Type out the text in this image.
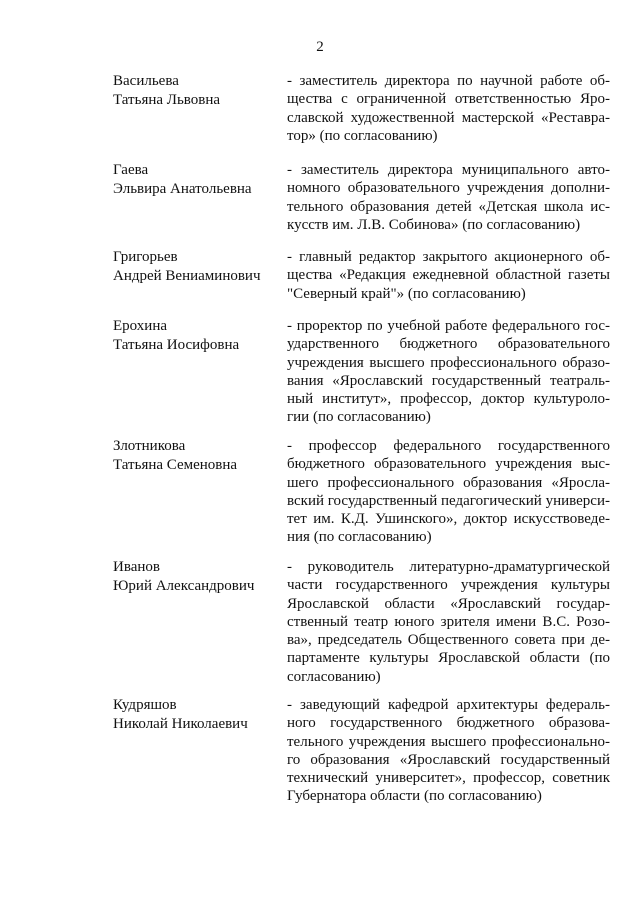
2
Васильева
Татьяна Львовна
- заместитель директора по научной работе об-
щества с ограниченной ответственностью Яро-
славской художественной мастерской «Реставра-
тор» (по согласованию)
Гаева
Эльвира Анатольевна
- заместитель директора муниципального авто-
номного образовательного учреждения дополни-
тельного образования детей «Детская школа ис-
кусств им. Л.В. Собинова» (по согласованию)
Григорьев
Андрей Вениаминович
- главный редактор закрытого акционерного об-
щества «Редакция ежедневной областной газеты
"Северный край"» (по согласованию)
Ерохина
Татьяна Иосифовна
- проректор по учебной работе федерального гос-
ударственного бюджетного образовательного
учреждения высшего профессионального образо-
вания «Ярославский государственный театраль-
ный институт», профессор, доктор культуроло-
гии (по согласованию)
Злотникова
Татьяна Семеновна
- профессор федерального государственного
бюджетного образовательного учреждения выс-
шего профессионального образования «Яросла-
вский государственный педагогический универси-
тет им. К.Д. Ушинского», доктор искусствоведе-
ния (по согласованию)
Иванов
Юрий Александрович
- руководитель литературно-драматургической
части государственного учреждения культуры
Ярославской области «Ярославский государ-
ственный театр юного зрителя имени В.С. Розо-
ва», председатель Общественного совета при де-
партаменте культуры Ярославской области (по
согласованию)
Кудряшов
Николай Николаевич
- заведующий кафедрой архитектуры федераль-
ного государственного бюджетного образова-
тельного учреждения высшего профессионально-
го образования «Ярославский государственный
технический университет», профессор, советник
Губернатора области (по согласованию)
